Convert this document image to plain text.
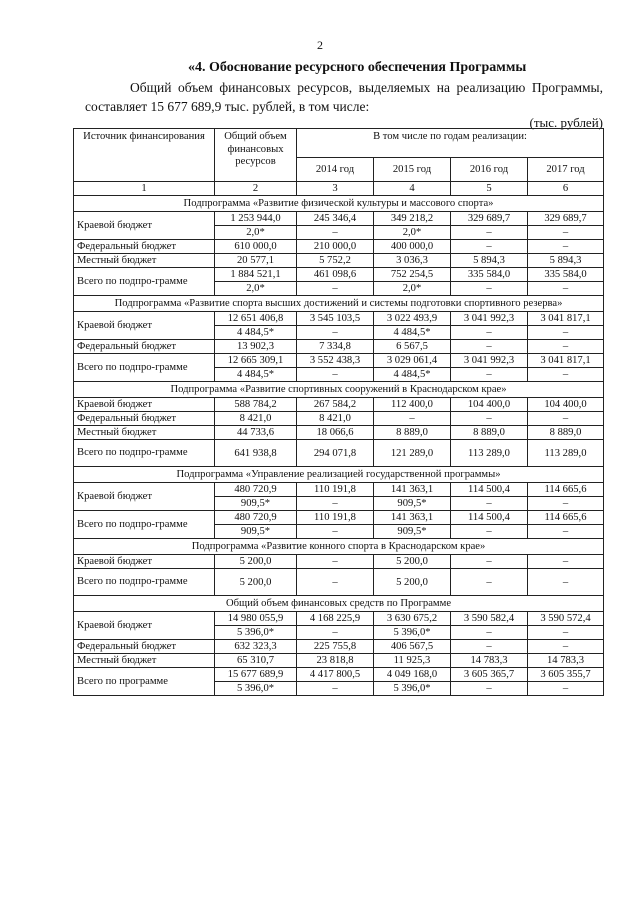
2
«4. Обоснование ресурсного обеспечения Программы
Общий объем финансовых ресурсов, выделяемых на реализацию Программы, составляет 15 677 689,9 тыс. рублей, в том числе:
(тыс. рублей)
Источник финансирования	Общий объем финансовых ресурсов	В том числе по годам реализации:			
		2014 год	2015 год	2016 год	2017 год
1	2	3	4	5	6
Подпрограмма «Развитие физической культуры и массового спорта»					
Краевой бюджет	1 253 944,0	245 346,4	349 218,2	329 689,7	329 689,7
	2,0*	–	2,0*	–	–
Федеральный бюджет	610 000,0	210 000,0	400 000,0	–	–
Местный бюджет	20 577,1	5 752,2	3 036,3	5 894,3	5 894,3
Всего по подпро-грамме	1 884 521,1	461 098,6	752 254,5	335 584,0	335 584,0
	2,0*	–	2,0*	–	–
Подпрограмма «Развитие спорта высших достижений и системы подготовки спортивного резерва»					
Краевой бюджет	12 651 406,8	3 545 103,5	3 022 493,9	3 041 992,3	3 041 817,1
	4 484,5*	–	4 484,5*	–	–
Федеральный бюджет	13 902,3	7 334,8	6 567,5	–	–
Всего по подпро-грамме	12 665 309,1	3 552 438,3	3 029 061,4	3 041 992,3	3 041 817,1
	4 484,5*	–	4 484,5*	–	–
Подпрограмма «Развитие спортивных сооружений в Краснодарском крае»					
Краевой бюджет	588 784,2	267 584,2	112 400,0	104 400,0	104 400,0
Федеральный бюджет	8 421,0	8 421,0	–	–	–
Местный бюджет	44 733,6	18 066,6	8 889,0	8 889,0	8 889,0
Всего по подпро-грамме	641 938,8	294 071,8	121 289,0	113 289,0	113 289,0
Подпрограмма «Управление реализацией государственной программы»					
Краевой бюджет	480 720,9	110 191,8	141 363,1	114 500,4	114 665,6
	909,5*	–	909,5*	–	–
Всего по подпро-грамме	480 720,9	110 191,8	141 363,1	114 500,4	114 665,6
	909,5*	–	909,5*	–	–
Подпрограмма «Развитие конного спорта в Краснодарском крае»					
Краевой бюджет	5 200,0	–	5 200,0	–	–
Всего по подпро-грамме	5 200,0	–	5 200,0	–	–
Общий объем финансовых средств по Программе					
Краевой бюджет	14 980 055,9	4 168 225,9	3 630 675,2	3 590 582,4	3 590 572,4
	5 396,0*	–	5 396,0*	–	–
Федеральный бюджет	632 323,3	225 755,8	406 567,5	–	–
Местный бюджет	65 310,7	23 818,8	11 925,3	14 783,3	14 783,3
Всего по программе	15 677 689,9	4 417 800,5	4 049 168,0	3 605 365,7	3 605 355,7
	5 396,0*	–	5 396,0*	–	–
